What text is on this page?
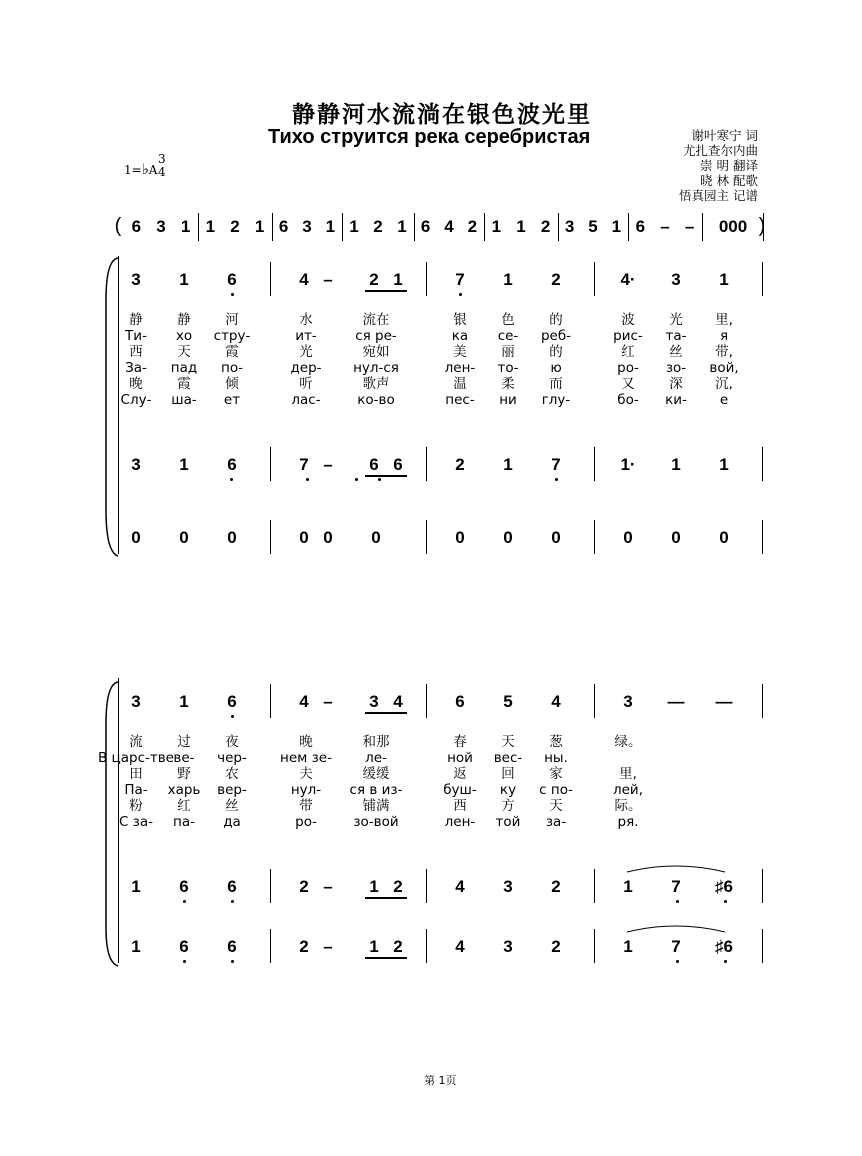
静静河水流淌在银色波光里
Тихо струится река серебристая	谢叶寒宁 词
尤扎查尔内曲
崇 明 翻译
晓 林 配歌
悟真园主 记谱
1=♭A
3
4
( 6 3 1 1 2 1 6 3 1 1 2 1 6 4 2 1 1 2 3 5 1 6 – –	000 )
3	1	6	4 –	2 1	7	1	2	4·	3	1
3	1	6	7 –	6 6	2	1	7	1·	1	1
0	0	0	0 0	0	0	0	0	0	0	0
静	静	河	水	流在	银	色	的	波	光	里,
Ти-	хо	стру-	ит-	ся ре-	ка	се-	реб-	рис-	та-	я
西	天	霞	光	宛如	美	丽	的	红	丝	带,
За-	пад	по-	дер-	нул-ся	лен-	то-	ю	ро-	зо-	вой,
晚	霞	倾	听	歌声	温	柔	而	又	深	沉,
Слу-	ша-	ет	лас-	ко-во	пес-	ни	глу-	бо-	ки-	е
3	1	6	4 –	3 4	6	5	4	3	—	—
1	6	6	2 –	1 2	4	3	2	1	7	♯6
1	6	6	2 –	1 2	4	3	2	1	7	♯6
流	过	夜	晚	和那	春	天	葱	绿。
В царс-тве ве-	чер-	нем зе-	ле-	ной	вес-	ны.
田	野	农	夫	缓缓	返	回	家	里,
Па-	харь	вер-	нул-	ся в из-	буш-	ку	с по-	лей,
粉	红	丝	带	铺满	西	方	天	际。
С за-	па-	да	ро-	зо-вой	лен-	той	за-	ря.
第 1页
